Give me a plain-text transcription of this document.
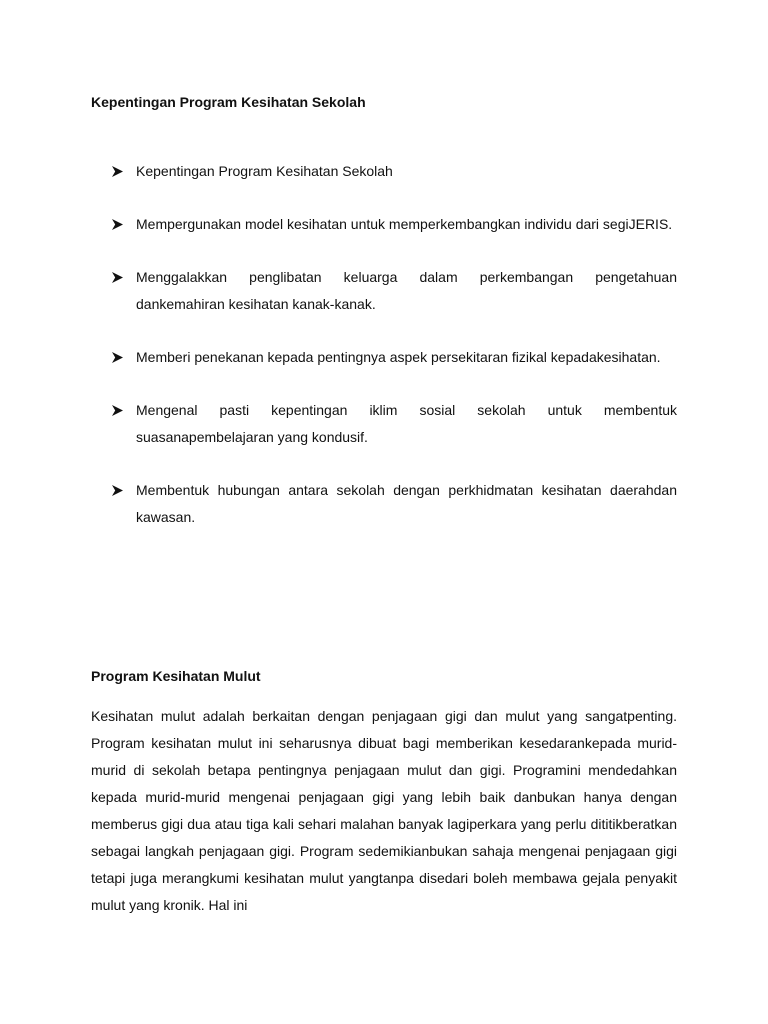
Kepentingan Program Kesihatan Sekolah
Kepentingan Program Kesihatan Sekolah
Mempergunakan model kesihatan untuk memperkembangkan individu dari segiJERIS.
Menggalakkan penglibatan keluarga dalam perkembangan pengetahuan dankemahiran kesihatan kanak-kanak.
Memberi penekanan kepada pentingnya aspek persekitaran fizikal kepadakesihatan.
Mengenal pasti kepentingan iklim sosial sekolah untuk membentuk suasanapembelajaran yang kondusif.
Membentuk hubungan antara sekolah dengan perkhidmatan kesihatan daerahdan kawasan.
Program Kesihatan Mulut

Kesihatan mulut adalah berkaitan dengan penjagaan gigi dan mulut yang sangatpenting. Program kesihatan mulut ini seharusnya dibuat bagi memberikan kesedarankepada murid-murid di sekolah betapa pentingnya penjagaan mulut dan gigi. Programini mendedahkan kepada murid-murid mengenai penjagaan gigi yang lebih baik danbukan hanya dengan memberus gigi dua atau tiga kali sehari malahan banyak lagiperkara yang perlu dititikberatkan sebagai langkah penjagaan gigi. Program sedemikianbukan sahaja mengenai penjagaan gigi tetapi juga merangkumi kesihatan mulut yangtanpa disedari boleh membawa gejala penyakit mulut yang kronik. Hal ini
